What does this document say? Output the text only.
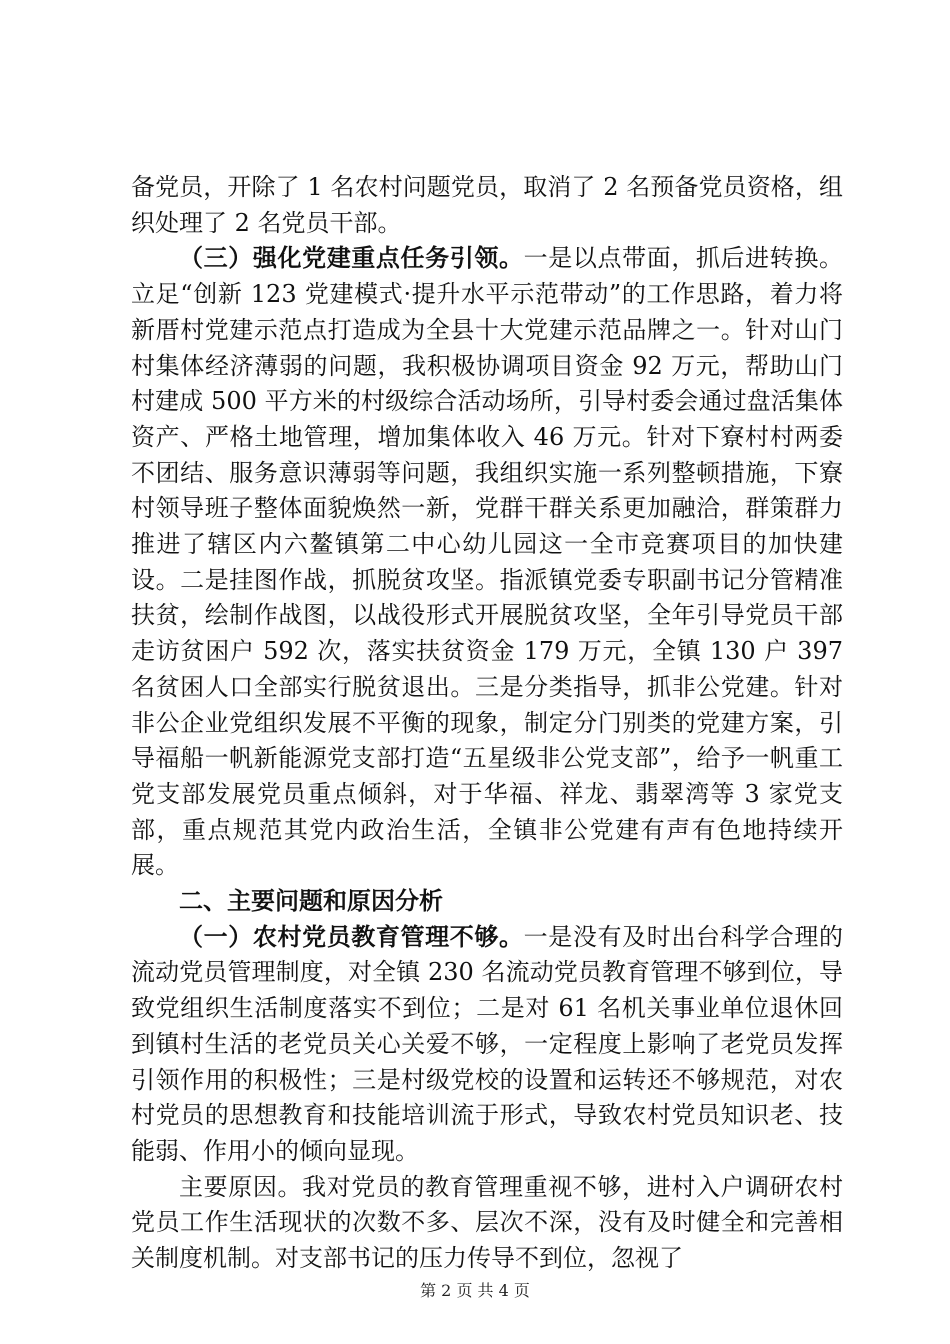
备党员，开除了 1 名农村问题党员，取消了 2 名预备党员资格，组织处理了 2 名党员干部。

（三）强化党建重点任务引领。一是以点带面，抓后进转换。立足“创新 123 党建模式·提升水平示范带动”的工作思路，着力将新厝村党建示范点打造成为全县十大党建示范品牌之一。针对山门村集体经济薄弱的问题，我积极协调项目资金 92 万元，帮助山门村建成 500 平方米的村级综合活动场所，引导村委会通过盘活集体资产、严格土地管理，增加集体收入 46 万元。针对下寮村村两委不团结、服务意识薄弱等问题，我组织实施一系列整顿措施，下寮村领导班子整体面貌焕然一新，党群干群关系更加融洽，群策群力推进了辖区内六鳌镇第二中心幼儿园这一全市竞赛项目的加快建设。二是挂图作战，抓脱贫攻坚。指派镇党委专职副书记分管精准扶贫，绘制作战图，以战役形式开展脱贫攻坚，全年引导党员干部走访贫困户 592 次，落实扶贫资金 179 万元，全镇 130 户 397 名贫困人口全部实行脱贫退出。三是分类指导，抓非公党建。针对非公企业党组织发展不平衡的现象，制定分门别类的党建方案，引导福船一帆新能源党支部打造“五星级非公党支部”，给予一帆重工党支部发展党员重点倾斜，对于华福、祥龙、翡翠湾等 3 家党支部，重点规范其党内政治生活，全镇非公党建有声有色地持续开展。

二、主要问题和原因分析

（一）农村党员教育管理不够。一是没有及时出台科学合理的流动党员管理制度，对全镇 230 名流动党员教育管理不够到位，导致党组织生活制度落实不到位；二是对 61 名机关事业单位退休回到镇村生活的老党员关心关爱不够，一定程度上影响了老党员发挥引领作用的积极性；三是村级党校的设置和运转还不够规范，对农村党员的思想教育和技能培训流于形式，导致农村党员知识老、技能弱、作用小的倾向显现。

主要原因。我对党员的教育管理重视不够，进村入户调研农村党员工作生活现状的次数不多、层次不深，没有及时健全和完善相关制度机制。对支部书记的压力传导不到位，忽视了

第 2 页 共 4 页
